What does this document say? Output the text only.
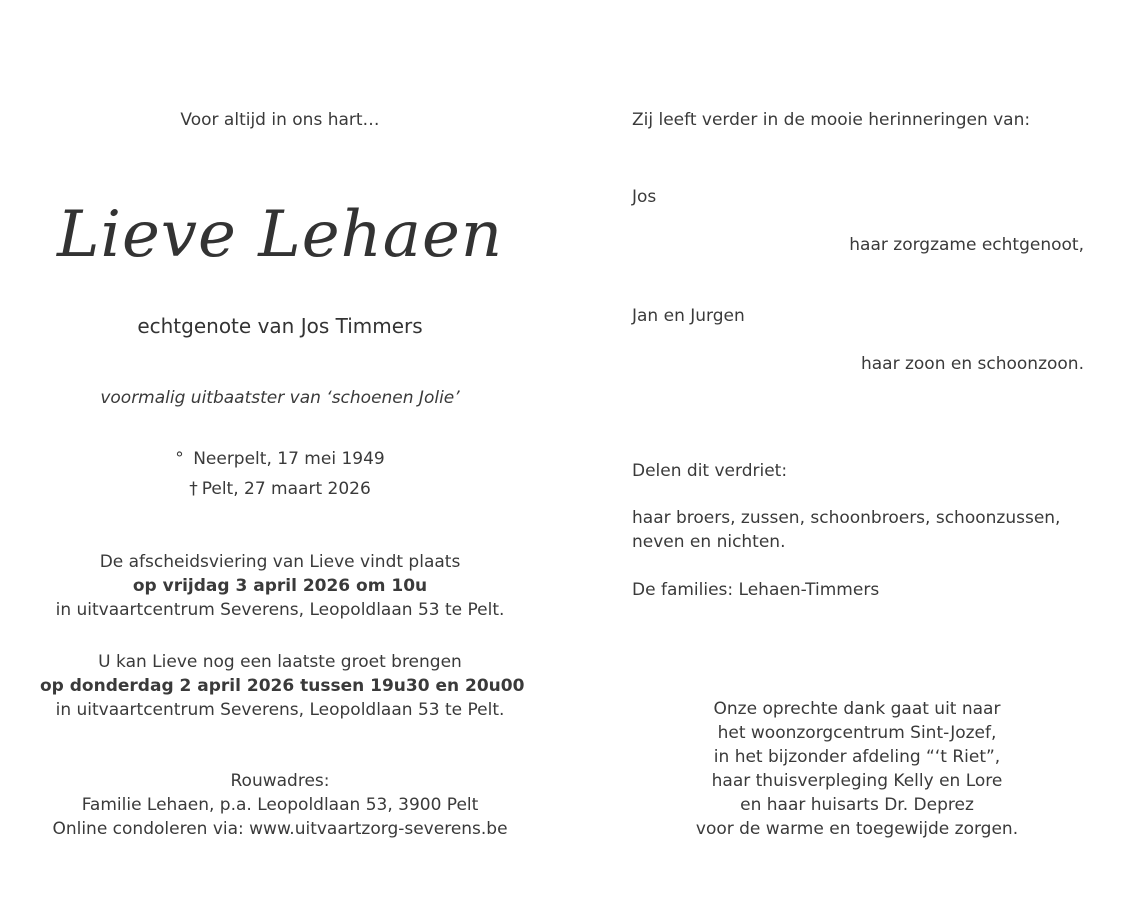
Voor altijd in ons hart…
Lieve Lehaen
echtgenote van Jos Timmers
voormalig uitbaatster van ‘schoenen Jolie’
° Neerpelt, 17 mei 1949
† Pelt, 27 maart 2026
De afscheidsviering van Lieve vindt plaats
op vrijdag 3 april 2026 om 10u
in uitvaartcentrum Severens, Leopoldlaan 53 te Pelt.
U kan Lieve nog een laatste groet brengen
op donderdag 2 april 2026 tussen 19u30 en 20u00
in uitvaartcentrum Severens, Leopoldlaan 53 te Pelt.
Rouwadres:
Familie Lehaen, p.a. Leopoldlaan 53, 3900 Pelt
Online condoleren via: www.uitvaartzorg-severens.be
Zij leeft verder in de mooie herinneringen van:
Jos
haar zorgzame echtgenoot,
Jan en Jurgen
haar zoon en schoonzoon.
Delen dit verdriet:
haar broers, zussen, schoonbroers, schoonzussen,
neven en nichten.
De families: Lehaen-Timmers
Onze oprechte dank gaat uit naar
het woonzorgcentrum Sint-Jozef,
in het bijzonder afdeling “‘t Riet”,
haar thuisverpleging Kelly en Lore
en haar huisarts Dr. Deprez
voor de warme en toegewijde zorgen.
